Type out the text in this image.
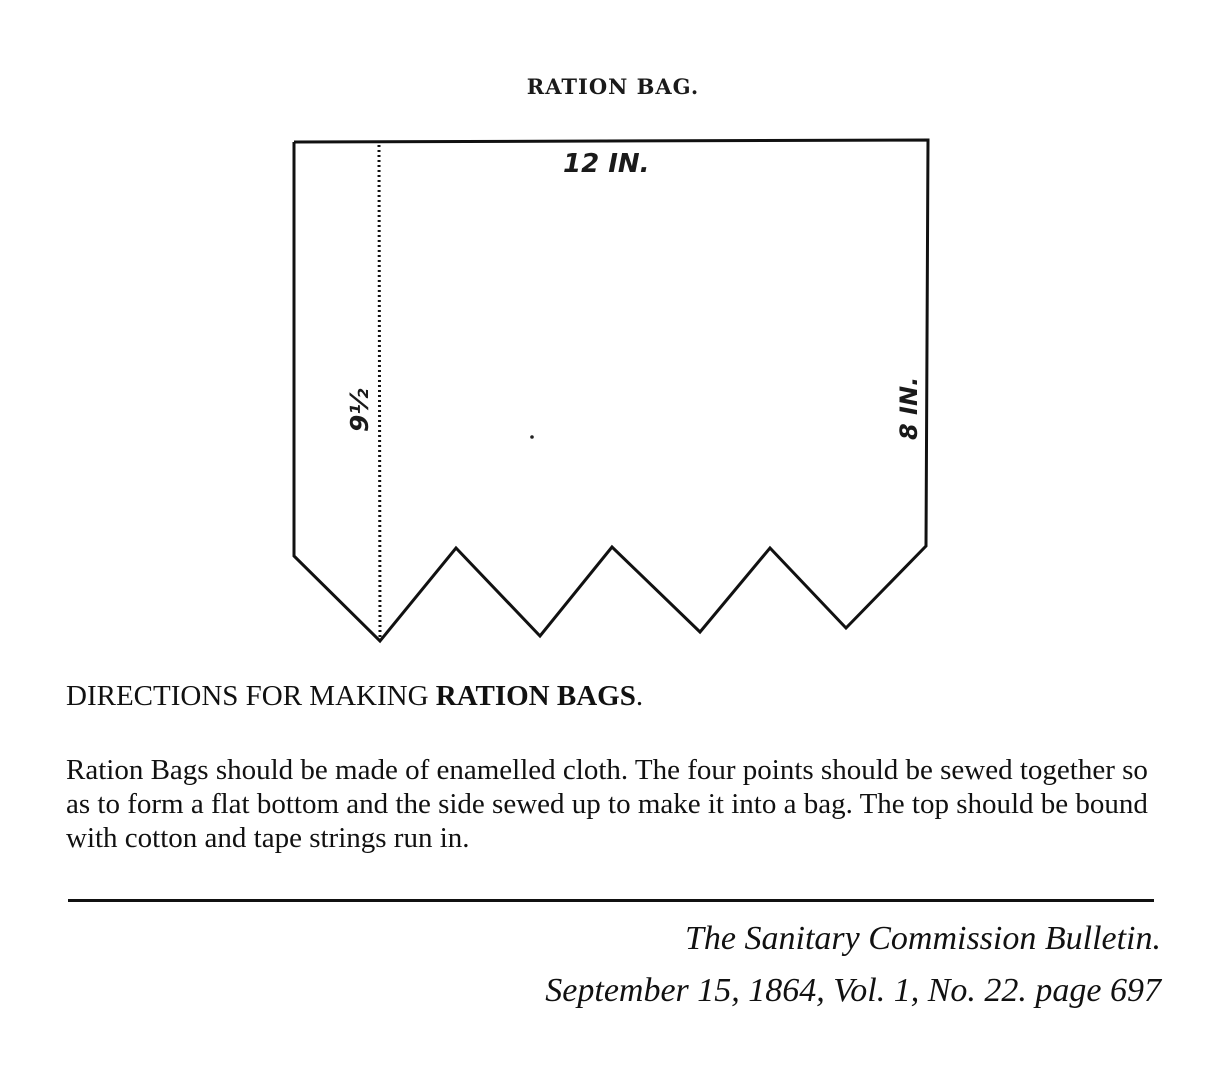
RATION BAG.
12 IN.
9½	8 IN.
DIRECTIONS FOR MAKING RATION BAGS.
Ration Bags should be made of enamelled cloth. The four points should be sewed together so as to form a flat bottom and the side sewed up to make it into a bag. The top should be bound with cotton and tape strings run in.
The Sanitary Commission Bulletin.
September 15, 1864, Vol. 1, No. 22. page 697
